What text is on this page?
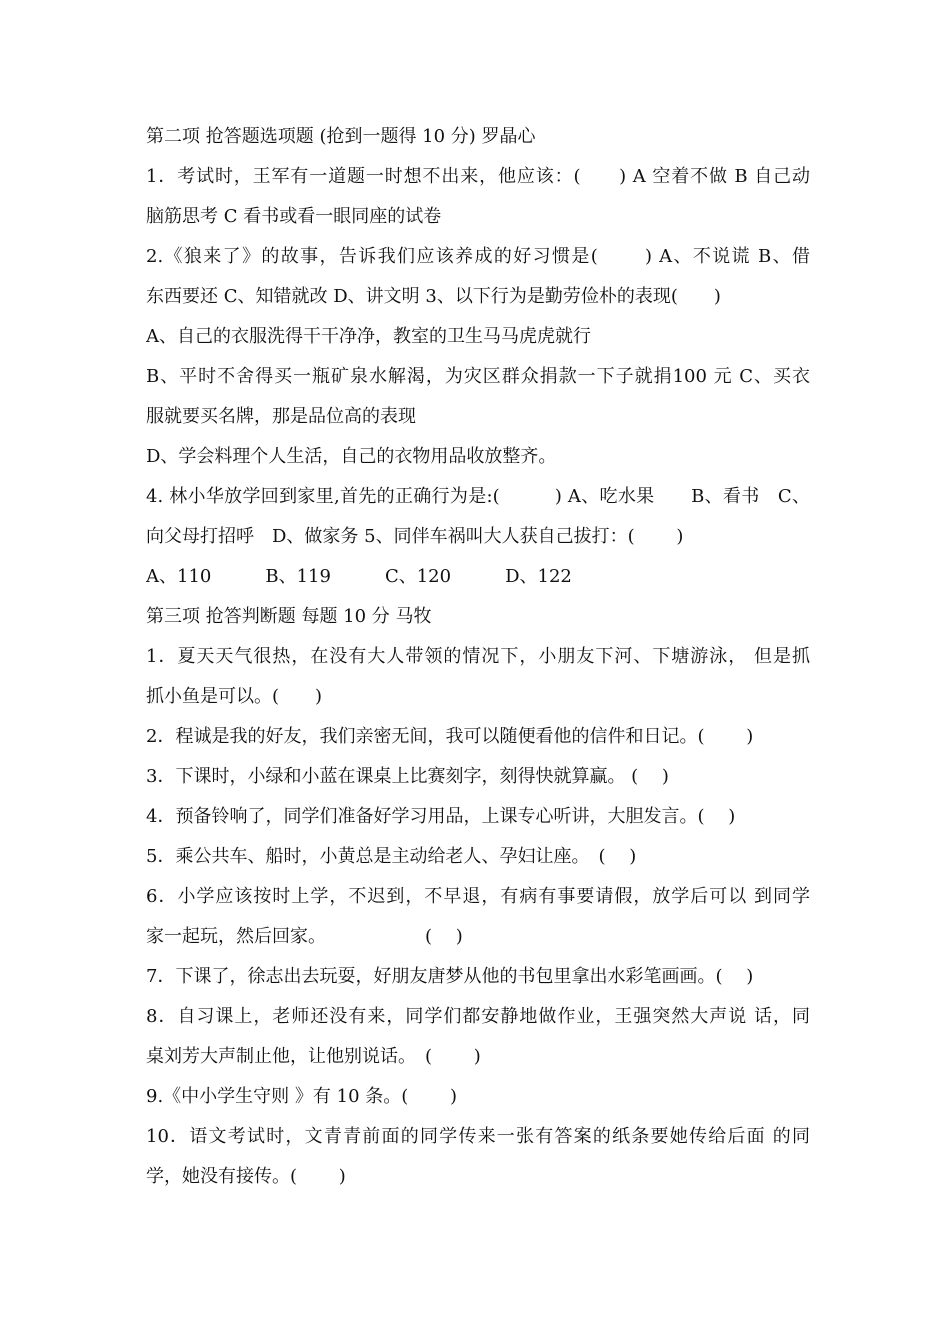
第二项 抢答题选项题 (抢到一题得 10 分) 罗晶心
1．考试时，王军有一道题一时想不出来，他应该：(　　) A 空着不做 B 自己动
脑筋思考 C 看书或看一眼同座的试卷
2.《狼来了》的故事，告诉我们应该养成的好习惯是(　　 ) A、不说谎 B、借
东西要还 C、知错就改 D、讲文明 3、以下行为是勤劳俭朴的表现(　　)
A、自己的衣服洗得干干净净，教室的卫生马马虎虎就行
B、平时不舍得买一瓶矿泉水解渴，为灾区群众捐款一下子就捐100 元 C、买衣
服就要买名牌，那是品位高的表现
D、学会料理个人生活，自己的衣物用品收放整齐。
4. 林小华放学回到家里,首先的正确行为是:(　　　) A、吃水果　　B、看书　C、
向父母打招呼　D、做家务 5、同伴车祸叫大人获自己拔打：(　　 )
A、110　　　B、119　　　C、120　　　D、122
第三项 抢答判断题 每题 10 分 马牧
1．夏天天气很热，在没有大人带领的情况下，小朋友下河、下塘游泳， 但是抓
抓小鱼是可以。(　　)
2．程诚是我的好友，我们亲密无间，我可以随便看他的信件和日记。(　　 )
3．下课时，小绿和小蓝在课桌上比赛刻字，刻得快就算赢。 (　 )
4．预备铃响了，同学们准备好学习用品，上课专心听讲，大胆发言。(　 )
5．乘公共车、船时，小黄总是主动给老人、孕妇让座。　(　 )
6．小学应该按时上学，不迟到，不早退，有病有事要请假，放学后可以 到同学
家一起玩，然后回家。　　　　　　(　 )
7．下课了，徐志出去玩耍，好朋友唐梦从他的书包里拿出水彩笔画画。(　 )
8．自习课上，老师还没有来，同学们都安静地做作业，王强突然大声说 话，同
桌刘芳大声制止他，让他别说话。　(　　 )
9.《中小学生守则 》有 10 条。(　　 )
10．语文考试时，文青青前面的同学传来一张有答案的纸条要她传给后面 的同
学，她没有接传。(　　 )
